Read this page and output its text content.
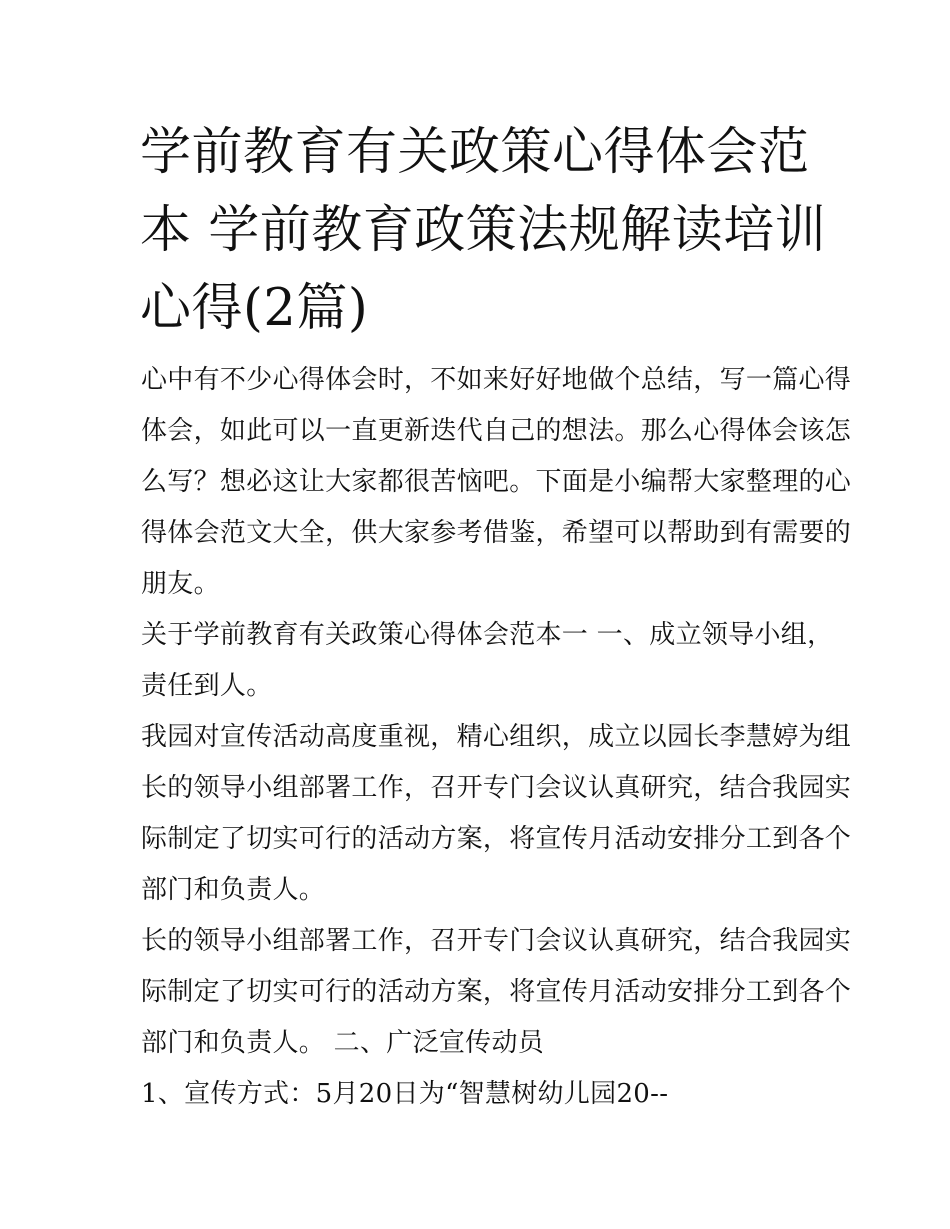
学前教育有关政策心得体会范
本 学前教育政策法规解读培训
心得(2篇)
心中有不少心得体会时，不如来好好地做个总结，写一篇心得
体会，如此可以一直更新迭代自己的想法。那么心得体会该怎
么写？想必这让大家都很苦恼吧。下面是小编帮大家整理的心
得体会范文大全，供大家参考借鉴，希望可以帮助到有需要的
朋友。
关于学前教育有关政策心得体会范本一 一、成立领导小组，
责任到人。
我园对宣传活动高度重视，精心组织，成立以园长李慧婷为组
长的领导小组部署工作，召开专门会议认真研究，结合我园实
际制定了切实可行的活动方案，将宣传月活动安排分工到各个
部门和负责人。
长的领导小组部署工作，召开专门会议认真研究，结合我园实
际制定了切实可行的活动方案，将宣传月活动安排分工到各个
部门和负责人。 二、广泛宣传动员
1、宣传方式：5月20日为“智慧树幼儿园20--
